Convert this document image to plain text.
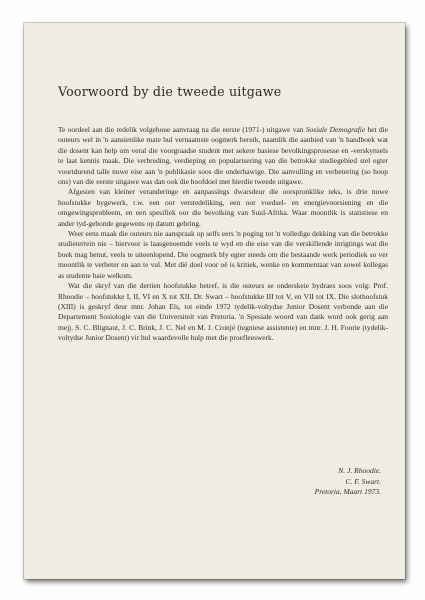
Voorwoord by die tweede uitgawe

Te oordeel aan die redelik volgehoue aanvraag na die eerste (1971-) uitgawe van Sosiale Demografie het die outeurs wel in 'n aansienlike mate hul vernaamste oogmerk bereik, naamlik die aanbied van 'n handboek wat die dosent kan help om veral die voorgraadse student met sekere basiese bevolkingsprosesse en -verskynsels te laat kennis maak. Die verbreding, verdieping en popularisering van die betrokke studiegebied stel egter voortdurend talle nuwe eise aan 'n publikasie soos die onderhawige. Die aanvulling en verbetering (so hoop ons) van die eerste uitgawe was dan ook die hoofdoel met hierdie tweede uitgawe.

Afgesien van kleiner veranderinge en aanpassings dwarsdeur die oorspronklike teks, is drie nuwe hoofstukke bygewerk, t.w. een oor verstedeliking, een oor voedsel- en energievoorsiening en die omgewingsprobleem, en een spesifiek oor die bevolking van Suid-Afrika. Waar moontlik is statistiese en ander tyd-gebonde gegewens op datum gebring.

Weer eens maak die outeurs nie aanspraak op selfs eers 'n poging tot 'n volledige dekking van die betrokke studieterrein nie – hiervoor is laasgenoemde veels te wyd en die eise van die verskillende inrigtings wat die boek mag benut, veels te uiteenlopend. Die oogmerk bly egter steeds om die bestaande werk periodiek so ver moontlik te verbeter en aan te vul. Met dié doel voor oë is kritiek, wenke en kommentaar van sowel kollegas as studente baie welkom.

Wat die skryf van die dertien hoofstukke betref, is die outeurs se onderskeie bydraes soos volg: Prof. Rhoodie – hoofstukke I, II, VI en X tot XII. Dr. Swart – hoofstukke III tot V, en VII tot IX. Die slothoofstuk (XIII) is geskryf deur mnr. Johan Els, tot einde 1972 tydelik-voltydse Junior Dosent verbonde aan die Departement Sosiologie van die Universiteit van Pretoria. 'n Spesiale woord van dank word ook gerig aan mejj. S. C. Blignaut, J. C. Brink, J. C. Nel en M. J. Cronjé (tegniese assistente) en mnr. J. H. Fourie (tydelik-voltydse Junior Dosent) vir hul waardevolle hulp met die proefleeswerk.

N. J. Rhoodie.
C. F. Swart.
Pretoria, Maart 1973.
